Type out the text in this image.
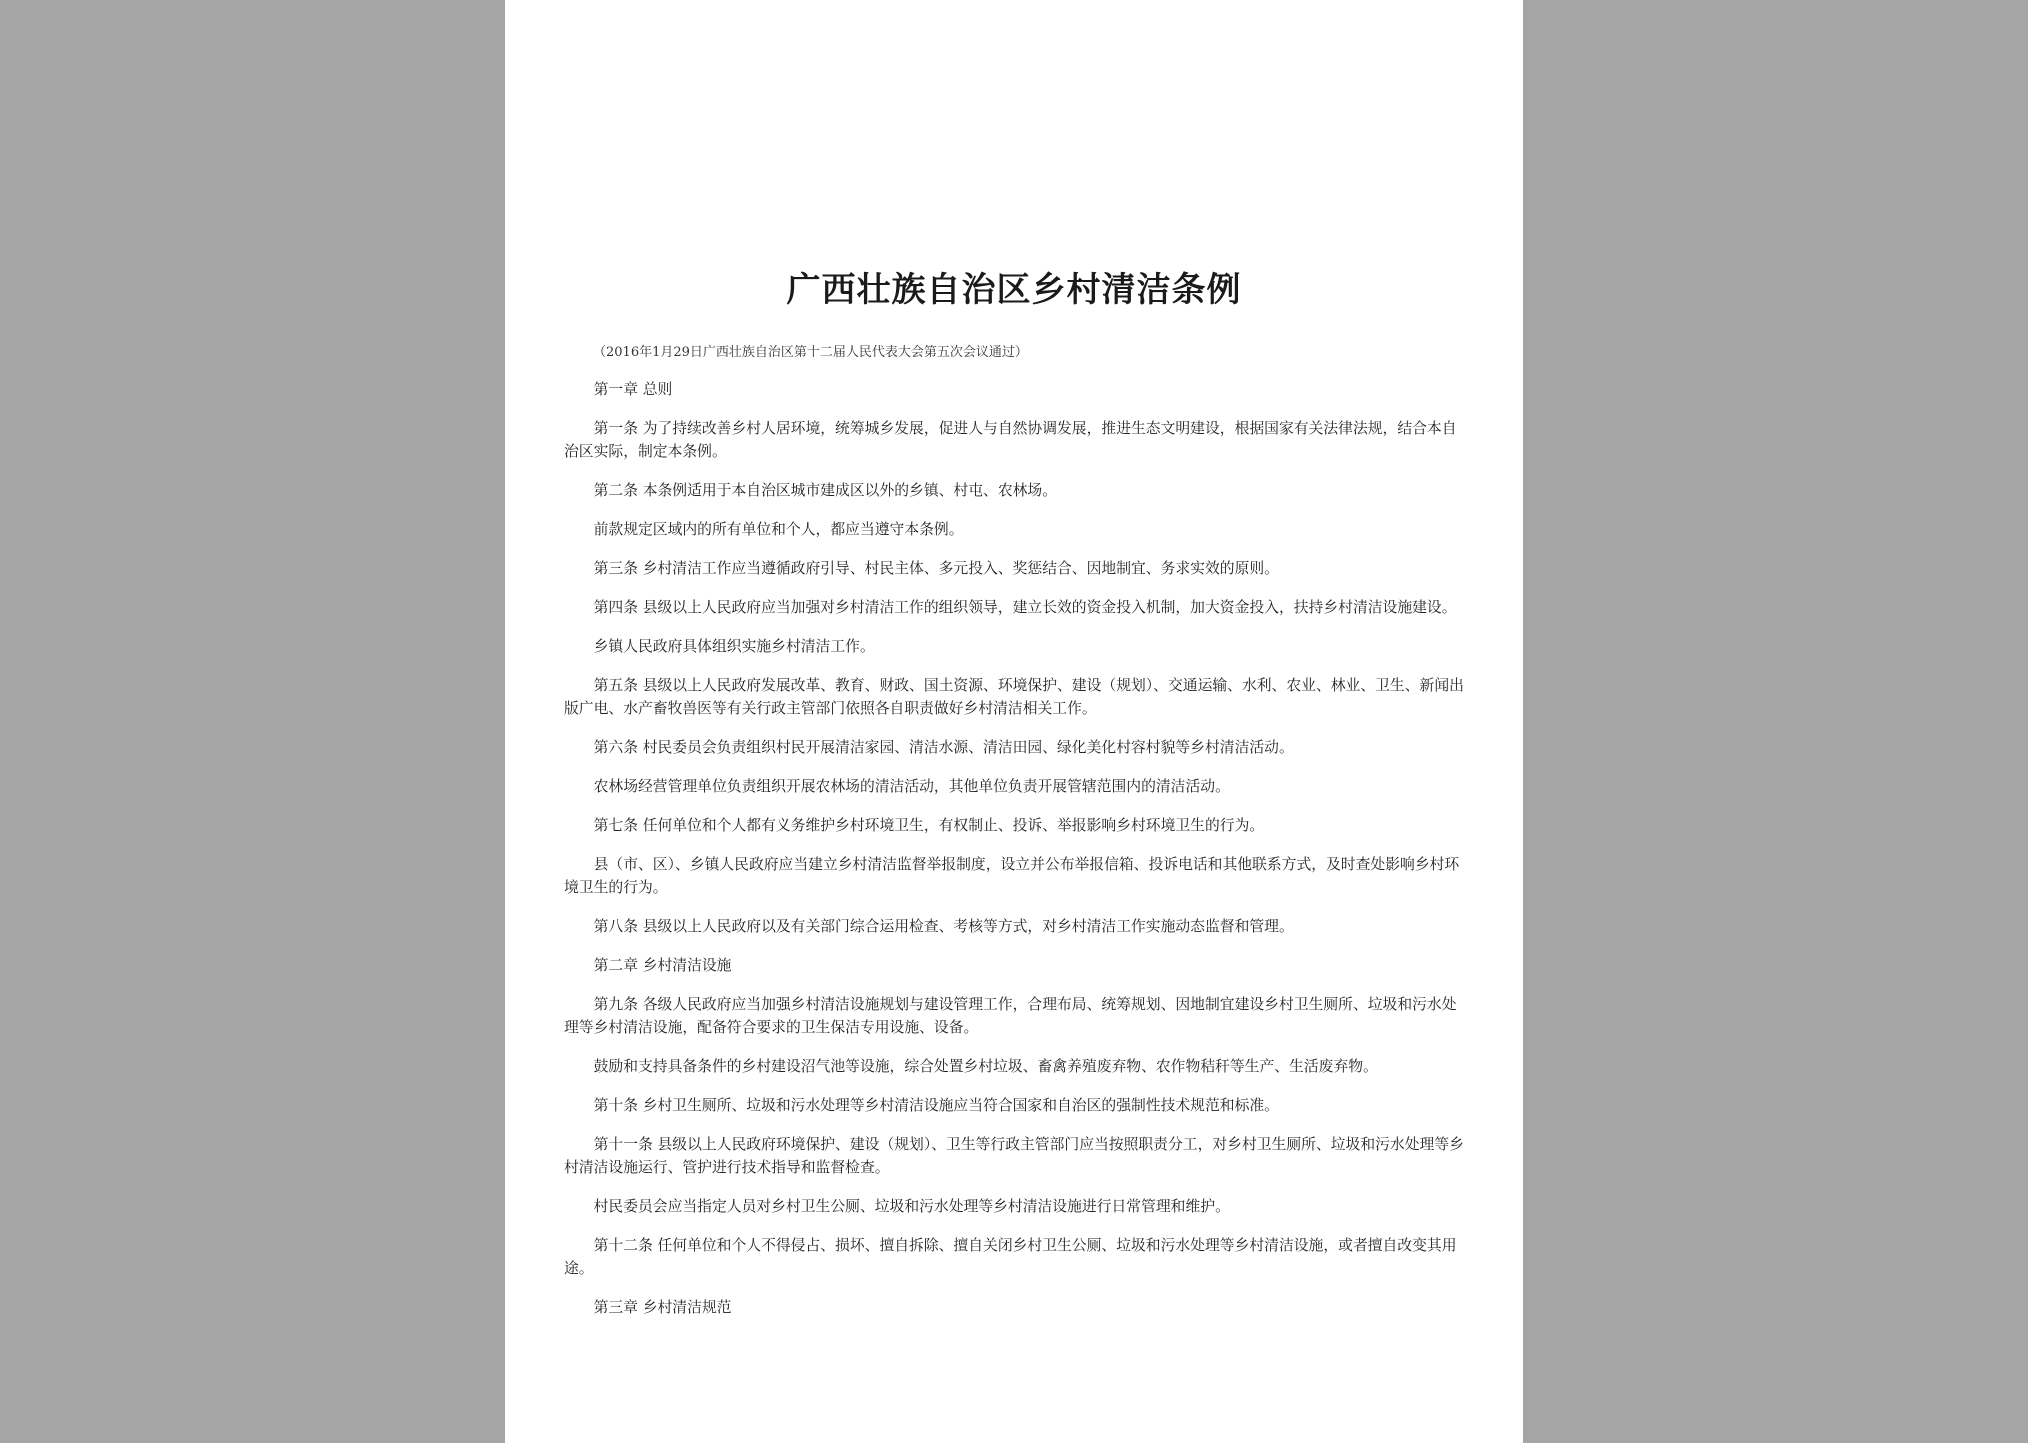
广西壮族自治区乡村清洁条例
（2016年1月29日广西壮族自治区第十二届人民代表大会第五次会议通过）

第一章 总则

第一条 为了持续改善乡村人居环境，统筹城乡发展，促进人与自然协调发展，推进生态文明建设，根据国家有关法律法规，结合本自治区实际，制定本条例。

第二条 本条例适用于本自治区城市建成区以外的乡镇、村屯、农林场。

前款规定区域内的所有单位和个人，都应当遵守本条例。

第三条 乡村清洁工作应当遵循政府引导、村民主体、多元投入、奖惩结合、因地制宜、务求实效的原则。

第四条 县级以上人民政府应当加强对乡村清洁工作的组织领导，建立长效的资金投入机制，加大资金投入，扶持乡村清洁设施建设。

乡镇人民政府具体组织实施乡村清洁工作。

第五条 县级以上人民政府发展改革、教育、财政、国土资源、环境保护、建设（规划）、交通运输、水利、农业、林业、卫生、新闻出版广电、水产畜牧兽医等有关行政主管部门依照各自职责做好乡村清洁相关工作。

第六条 村民委员会负责组织村民开展清洁家园、清洁水源、清洁田园、绿化美化村容村貌等乡村清洁活动。

农林场经营管理单位负责组织开展农林场的清洁活动，其他单位负责开展管辖范围内的清洁活动。

第七条 任何单位和个人都有义务维护乡村环境卫生，有权制止、投诉、举报影响乡村环境卫生的行为。

县（市、区）、乡镇人民政府应当建立乡村清洁监督举报制度，设立并公布举报信箱、投诉电话和其他联系方式，及时查处影响乡村环境卫生的行为。

第八条 县级以上人民政府以及有关部门综合运用检查、考核等方式，对乡村清洁工作实施动态监督和管理。

第二章 乡村清洁设施

第九条 各级人民政府应当加强乡村清洁设施规划与建设管理工作，合理布局、统筹规划、因地制宜建设乡村卫生厕所、垃圾和污水处理等乡村清洁设施，配备符合要求的卫生保洁专用设施、设备。

鼓励和支持具备条件的乡村建设沼气池等设施，综合处置乡村垃圾、畜禽养殖废弃物、农作物秸秆等生产、生活废弃物。

第十条 乡村卫生厕所、垃圾和污水处理等乡村清洁设施应当符合国家和自治区的强制性技术规范和标准。

第十一条 县级以上人民政府环境保护、建设（规划）、卫生等行政主管部门应当按照职责分工，对乡村卫生厕所、垃圾和污水处理等乡村清洁设施运行、管护进行技术指导和监督检查。

村民委员会应当指定人员对乡村卫生公厕、垃圾和污水处理等乡村清洁设施进行日常管理和维护。

第十二条 任何单位和个人不得侵占、损坏、擅自拆除、擅自关闭乡村卫生公厕、垃圾和污水处理等乡村清洁设施，或者擅自改变其用途。

第三章 乡村清洁规范
